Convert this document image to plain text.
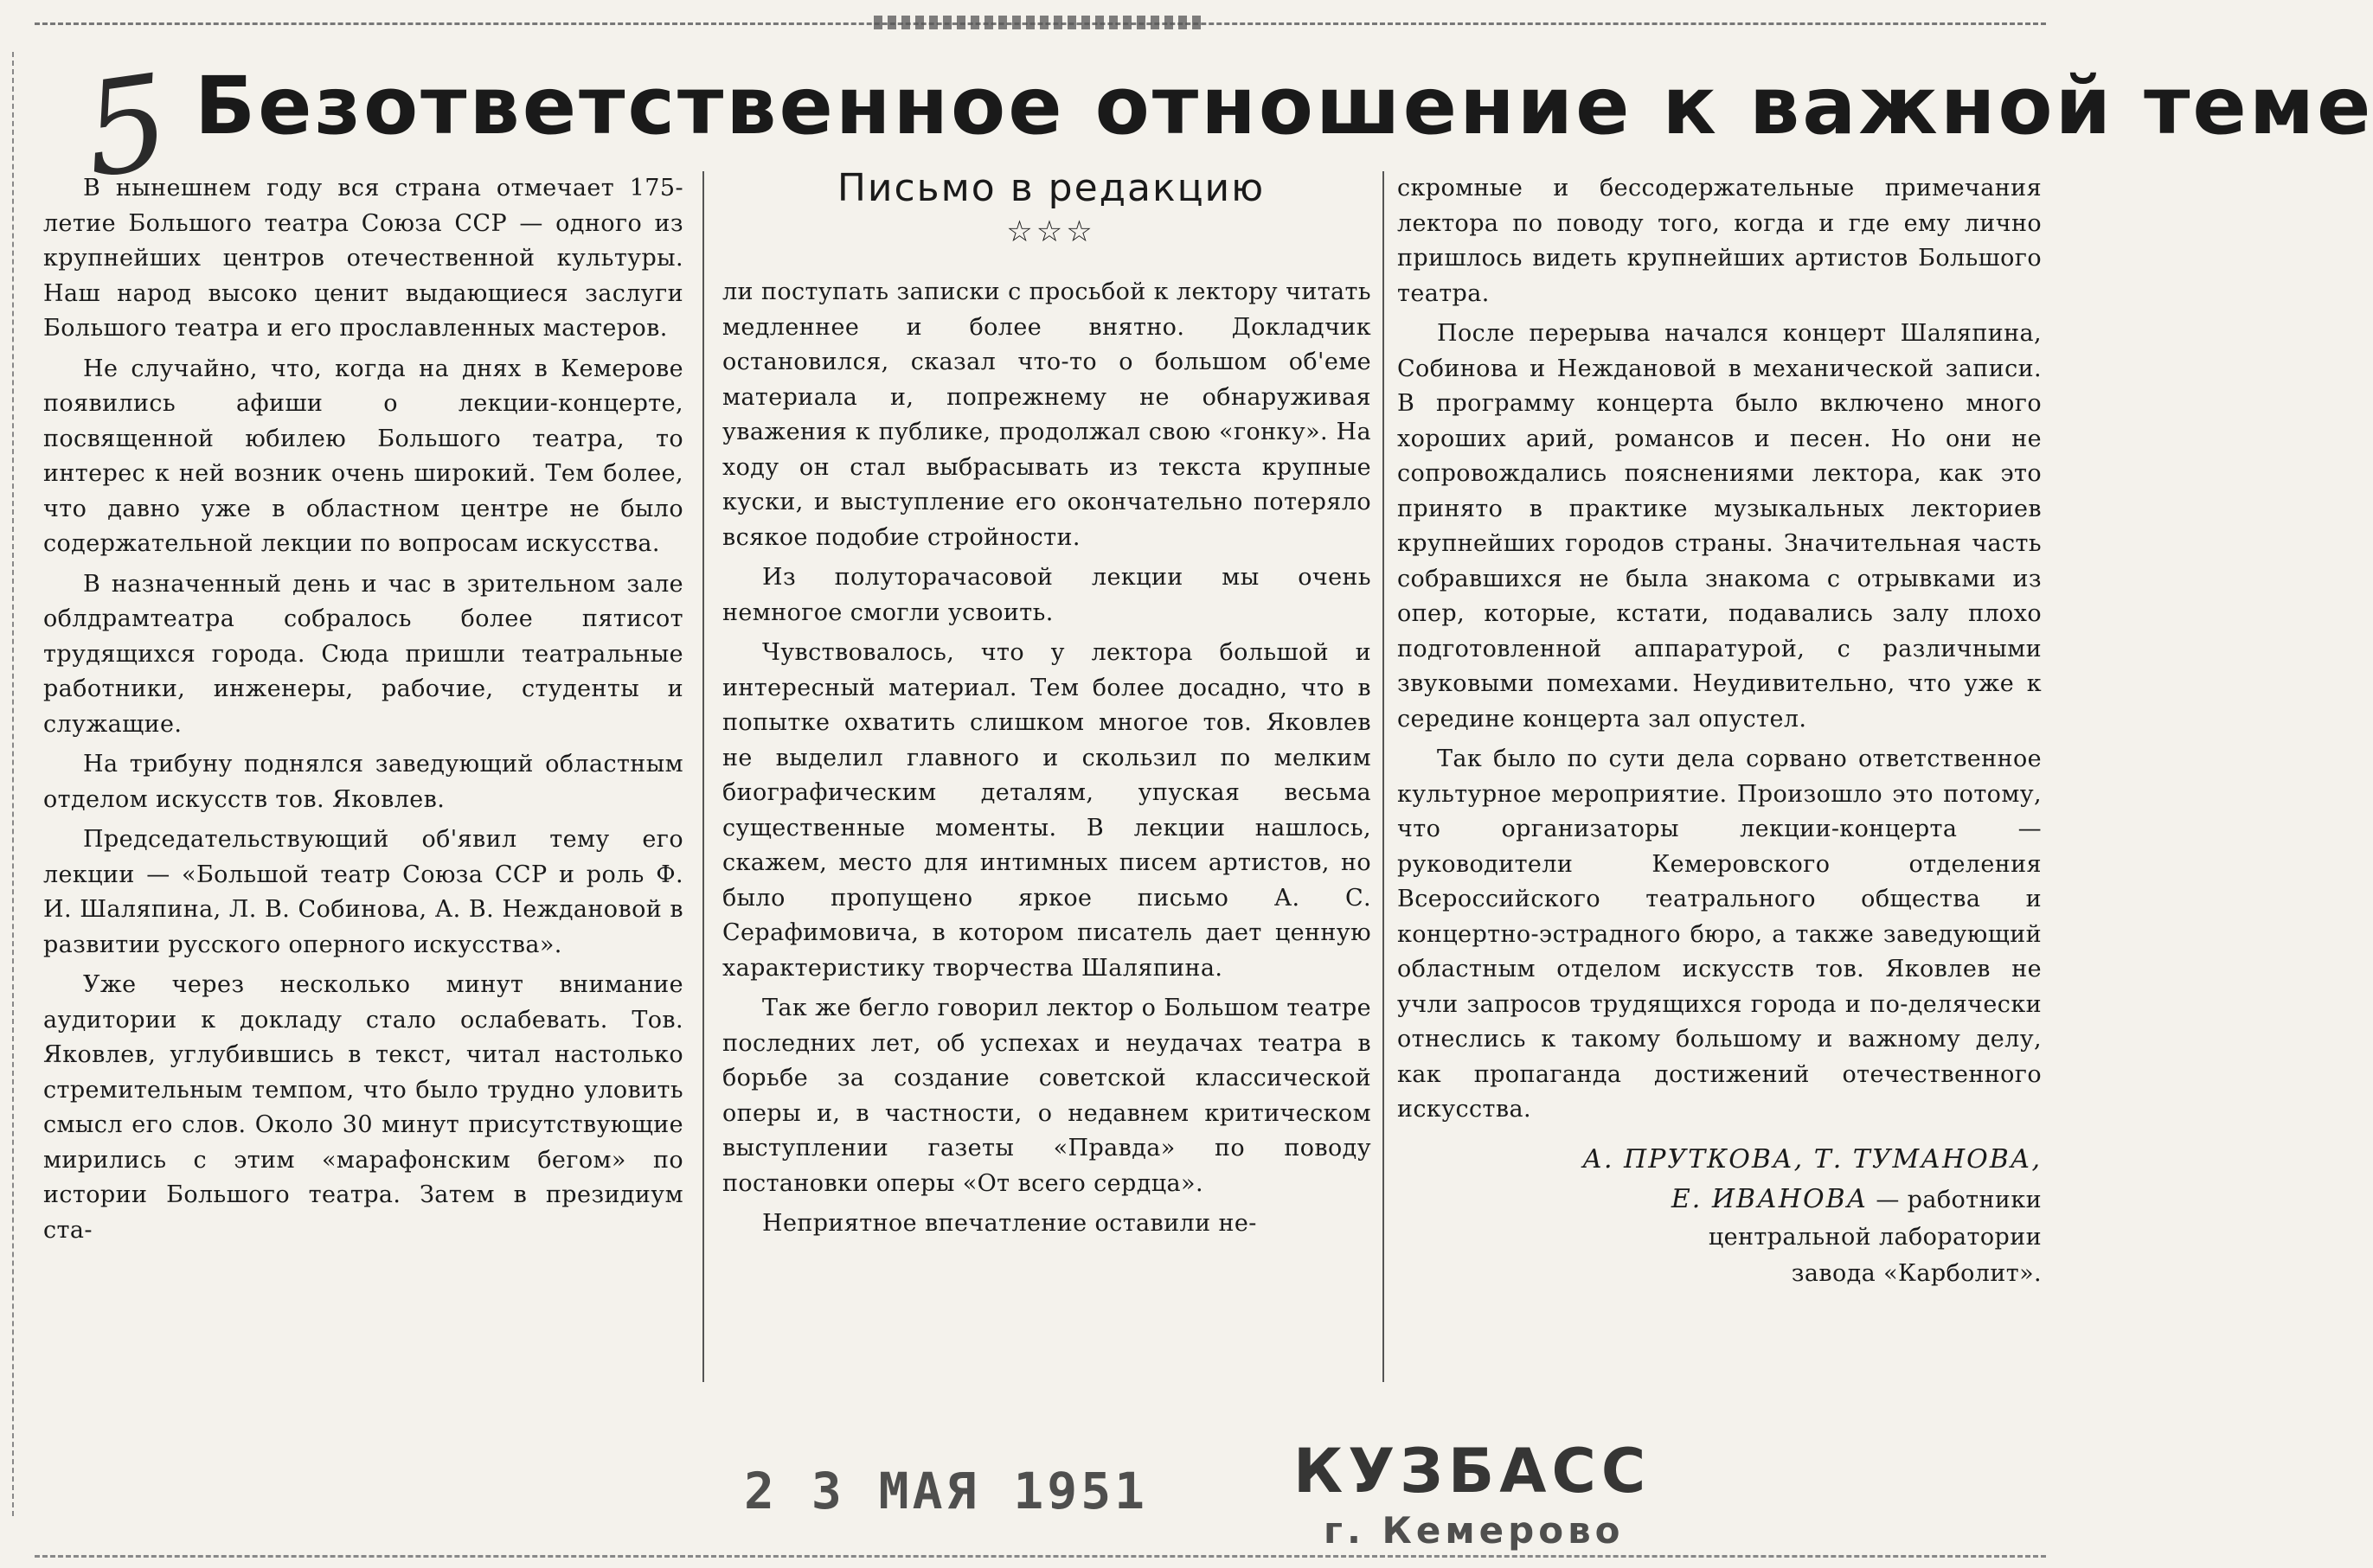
5 Безответственное отношение к важной теме
Письмо в редакцию
☆☆☆

В нынешнем году вся страна отмечает 175-летие Большого театра Союза ССР — одного из крупнейших центров отечественной культуры. Наш народ высоко ценит выдающиеся заслуги Большого театра и его прославленных мастеров.

Не случайно, что, когда на днях в Кемерове появились афиши о лекции-концерте, посвященной юбилею Большого театра, то интерес к ней возник очень широкий. Тем более, что давно уже в областном центре не было содержательной лекции по вопросам искусства.

В назначенный день и час в зрительном зале облдрамтеатра собралось более пятисот трудящихся города. Сюда пришли театральные работники, инженеры, рабочие, студенты и служащие.

На трибуну поднялся заведующий областным отделом искусств тов. Яковлев.

Председательствующий об'явил тему его лекции — «Большой театр Союза ССР и роль Ф. И. Шаляпина, Л. В. Собинова, А. В. Неждановой в развитии русского оперного искусства».

Уже через несколько минут внимание аудитории к докладу стало ослабевать. Тов. Яковлев, углубившись в текст, читал настолько стремительным темпом, что было трудно уловить смысл его слов. Около 30 минут присутствующие мирились с этим «марафонским бегом» по истории Большого театра. Затем в президиум ста-

ли поступать записки с просьбой к лектору читать медленнее и более внятно. Докладчик остановился, сказал что-то о большом об'еме материала и, попрежнему не обнаруживая уважения к публике, продолжал свою «гонку». На ходу он стал выбрасывать из текста крупные куски, и выступление его окончательно потеряло всякое подобие стройности.

Из полуторачасовой лекции мы очень немногое смогли усвоить.

Чувствовалось, что у лектора большой и интересный материал. Тем более досадно, что в попытке охватить слишком многое тов. Яковлев не выделил главного и скользил по мелким биографическим деталям, упуская весьма существенные моменты. В лекции нашлось, скажем, место для интимных писем артистов, но было пропущено яркое письмо А. С. Серафимовича, в котором писатель дает ценную характеристику творчества Шаляпина.

Так же бегло говорил лектор о Большом театре последних лет, об успехах и неудачах театра в борьбе за создание советской классической оперы и, в частности, о недавнем критическом выступлении газеты «Правда» по поводу постановки оперы «От всего сердца».

Неприятное впечатление оставили не-

скромные и бессодержательные примечания лектора по поводу того, когда и где ему лично пришлось видеть крупнейших артистов Большого театра.

После перерыва начался концерт Шаляпина, Собинова и Неждановой в механической записи. В программу концерта было включено много хороших арий, романсов и песен. Но они не сопровождались пояснениями лектора, как это принято в практике музыкальных лекториев крупнейших городов страны. Значительная часть собравшихся не была знакома с отрывками из опер, которые, кстати, подавались залу плохо подготовленной аппаратурой, с различными звуковыми помехами. Неудивительно, что уже к середине концерта зал опустел.

Так было по сути дела сорвано ответственное культурное мероприятие. Произошло это потому, что организаторы лекции-концерта — руководители Кемеровского отделения Всероссийского театрального общества и концертно-эстрадного бюро, а также заведующий областным отделом искусств тов. Яковлев не учли запросов трудящихся города и по-делячески отнеслись к такому большому и важному делу, как пропаганда достижений отечественного искусства.

А. ПРУТКОВА, Т. ТУМАНОВА,
Е. ИВАНОВА — работники
центральной лаборатории
завода «Карболит».
2 3 МАЯ 1951 КУЗБАСС
г. Кемерово
